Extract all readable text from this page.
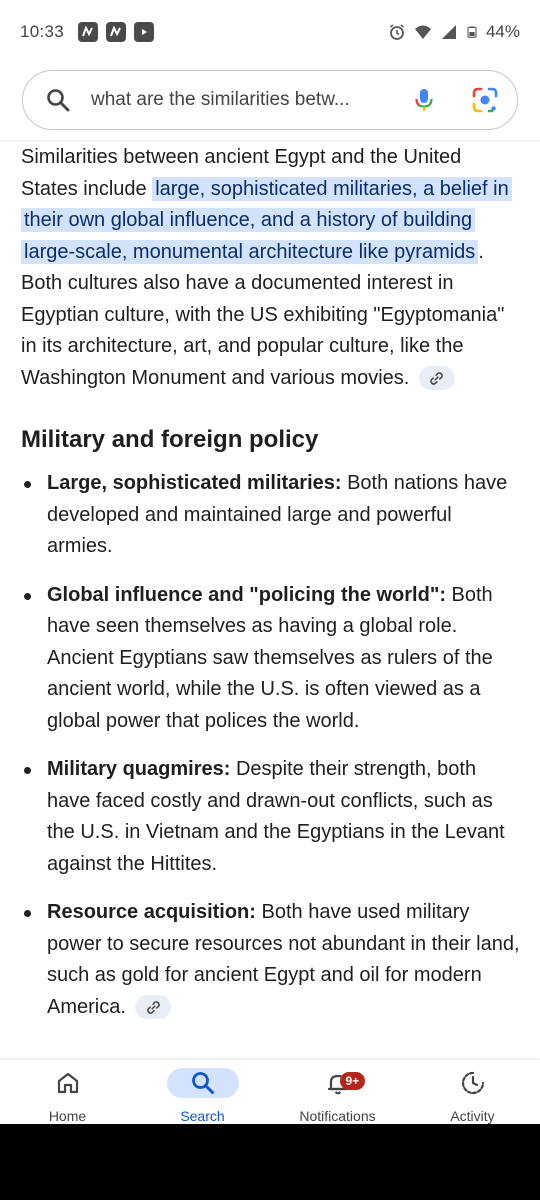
10:33	44%
what are the similarities betw...

Similarities between ancient Egypt and the United States include large, sophisticated militaries, a belief in their own global influence, and a history of building large-scale, monumental architecture like pyramids . Both cultures also have a documented interest in Egyptian culture, with the US exhibiting "Egyptomania" in its architecture, art, and popular culture, like the Washington Monument and various movies.

Military and foreign policy
Large, sophisticated militaries: Both nations have developed and maintained large and powerful armies.
Global influence and "policing the world": Both have seen themselves as having a global role. Ancient Egyptians saw themselves as rulers of the ancient world, while the U.S. is often viewed as a global power that polices the world.
Military quagmires: Despite their strength, both have faced costly and drawn-out conflicts, such as the U.S. in Vietnam and the Egyptians in the Levant against the Hittites.
Resource acquisition: Both have used military power to secure resources not abundant in their land, such as gold for ancient Egypt and oil for modern America.
Home	Search
9+
Notifications	Activity
